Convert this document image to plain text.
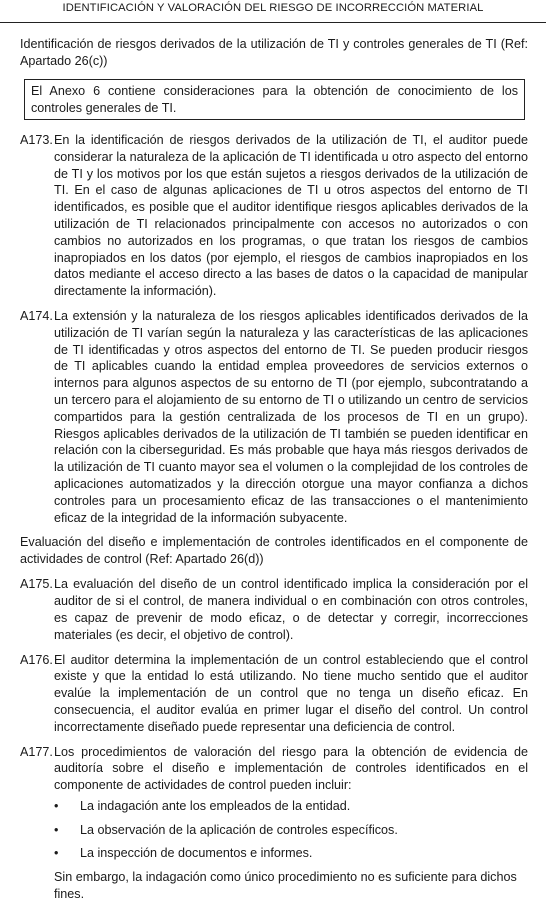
IDENTIFICACIÓN Y VALORACIÓN DEL RIESGO DE INCORRECCIÓN MATERIAL

Identificación de riesgos derivados de la utilización de TI y controles generales de TI (Ref: Apartado 26(c))

El Anexo 6 contiene consideraciones para la obtención de conocimiento de los controles generales de TI.
A173. En la identificación de riesgos derivados de la utilización de TI, el auditor puede considerar la naturaleza de la aplicación de TI identificada u otro aspecto del entorno de TI y los motivos por los que están sujetos a riesgos derivados de la utilización de TI. En el caso de algunas aplicaciones de TI u otros aspectos del entorno de TI identificados, es posible que el auditor identifique riesgos aplicables derivados de la utilización de TI relacionados principalmente con accesos no autorizados o con cambios no autorizados en los programas, o que tratan los riesgos de cambios inapropiados en los datos (por ejemplo, el riesgos de cambios inapropiados en los datos mediante el acceso directo a las bases de datos o la capacidad de manipular directamente la información).

A174. La extensión y la naturaleza de los riesgos aplicables identificados derivados de la utilización de TI varían según la naturaleza y las características de las aplicaciones de TI identificadas y otros aspectos del entorno de TI. Se pueden producir riesgos de TI aplicables cuando la entidad emplea proveedores de servicios externos o internos para algunos aspectos de su entorno de TI (por ejemplo, subcontratando a un tercero para el alojamiento de su entorno de TI o utilizando un centro de servicios compartidos para la gestión centralizada de los procesos de TI en un grupo). Riesgos aplicables derivados de la utilización de TI también se pueden identificar en relación con la ciberseguridad. Es más probable que haya más riesgos derivados de la utilización de TI cuanto mayor sea el volumen o la complejidad de los controles de aplicaciones automatizados y la dirección otorgue una mayor confianza a dichos controles para un procesamiento eficaz de las transacciones o el mantenimiento eficaz de la integridad de la información subyacente.

Evaluación del diseño e implementación de controles identificados en el componente de actividades de control (Ref: Apartado 26(d))

A175. La evaluación del diseño de un control identificado implica la consideración por el auditor de si el control, de manera individual o en combinación con otros controles, es capaz de prevenir de modo eficaz, o de detectar y corregir, incorrecciones materiales (es decir, el objetivo de control).

A176. El auditor determina la implementación de un control estableciendo que el control existe y que la entidad lo está utilizando. No tiene mucho sentido que el auditor evalúe la implementación de un control que no tenga un diseño eficaz. En consecuencia, el auditor evalúa en primer lugar el diseño del control. Un control incorrectamente diseñado puede representar una deficiencia de control.

A177. Los procedimientos de valoración del riesgo para la obtención de evidencia de auditoría sobre el diseño e implementación de controles identificados en el componente de actividades de control pueden incluir:

•	La indagación ante los empleados de la entidad.
•	La observación de la aplicación de controles específicos.
•	La inspección de documentos e informes.
Sin embargo, la indagación como único procedimiento no es suficiente para dichos fines.
